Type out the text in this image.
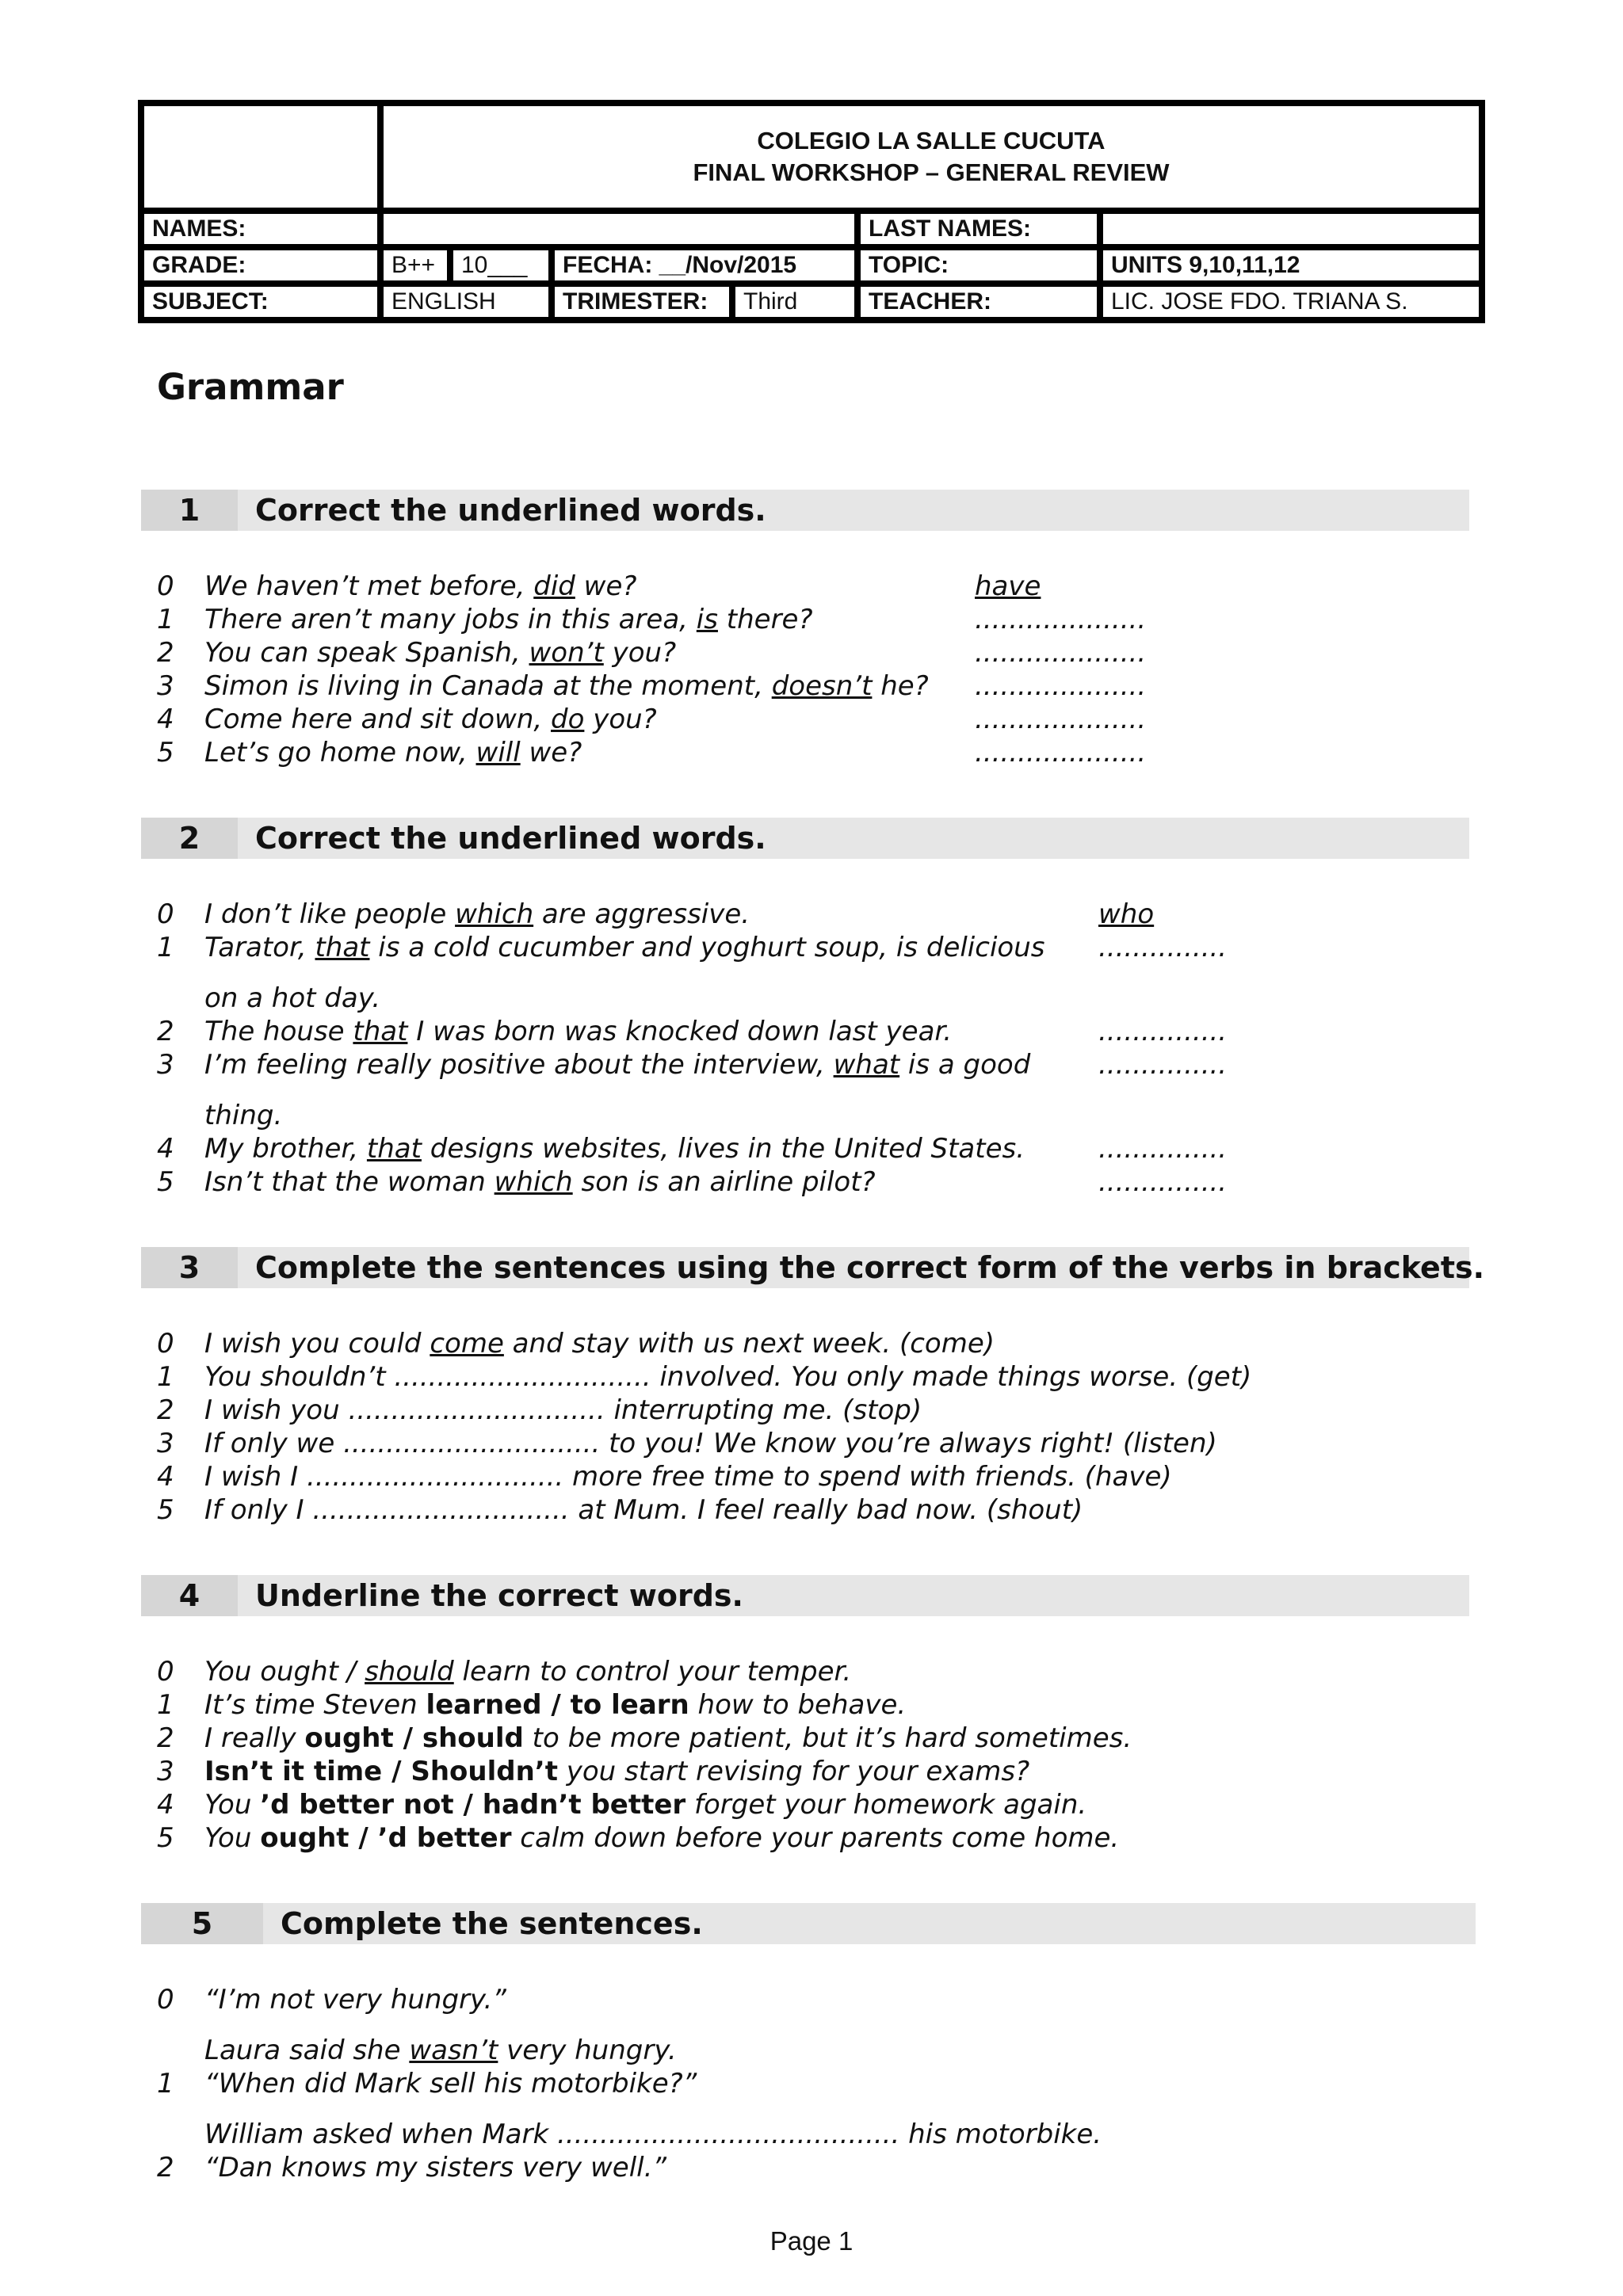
COLEGIO LA SALLE CUCUTA
FINAL WORKSHOP – GENERAL REVIEW
NAMES:	LAST NAMES:
GRADE:	B++	10___	FECHA: __/Nov/2015	TOPIC:	UNITS 9,10,11,12
SUBJECT:	ENGLISH	TRIMESTER:	Third	TEACHER:	LIC. JOSE FDO. TRIANA S.
Grammar
1	Correct the underlined words.
0 We haven’t met before, did we?	have
1 There aren’t many jobs in this area, is there?	....................
2 You can speak Spanish, won’t you?	....................
3 Simon is living in Canada at the moment, doesn’t he? ....................
4 Come here and sit down, do you?	....................
5 Let’s go home now, will we?	....................
2	Correct the underlined words.
0 I don’t like people which are aggressive.	who
1 Tarator, that is a cold cucumber and yoghurt soup, is delicious ...............
on a hot day.
2 The house that I was born was knocked down last year.	...............
3 I’m feeling really positive about the interview, what is a good	...............
thing.
4 My brother, that designs websites, lives in the United States.	...............
5 Isn’t that the woman which son is an airline pilot?	...............
3	Complete the sentences using the correct form of the verbs in brackets.
0 I wish you could come and stay with us next week. (come)
1 You shouldn’t .............................. involved. You only made things worse. (get)
2 I wish you .............................. interrupting me. (stop)
3 If only we .............................. to you! We know you’re always right! (listen)
4 I wish I .............................. more free time to spend with friends. (have)
5 If only I .............................. at Mum. I feel really bad now. (shout)
4	Underline the correct words.
0 You ought / should learn to control your temper.
1 It’s time Steven learned / to learn how to behave.
2 I really ought / should to be more patient, but it’s hard sometimes.
3 Isn’t it time / Shouldn’t you start revising for your exams?
4 You ’d better not / hadn’t better forget your homework again.
5 You ought / ’d better calm down before your parents come home.
5	Complete the sentences.
0 “I’m not very hungry.”
Laura said she wasn’t very hungry.
1 “When did Mark sell his motorbike?”
William asked when Mark ........................................ his motorbike.
2 “Dan knows my sisters very well.”
Page 1
